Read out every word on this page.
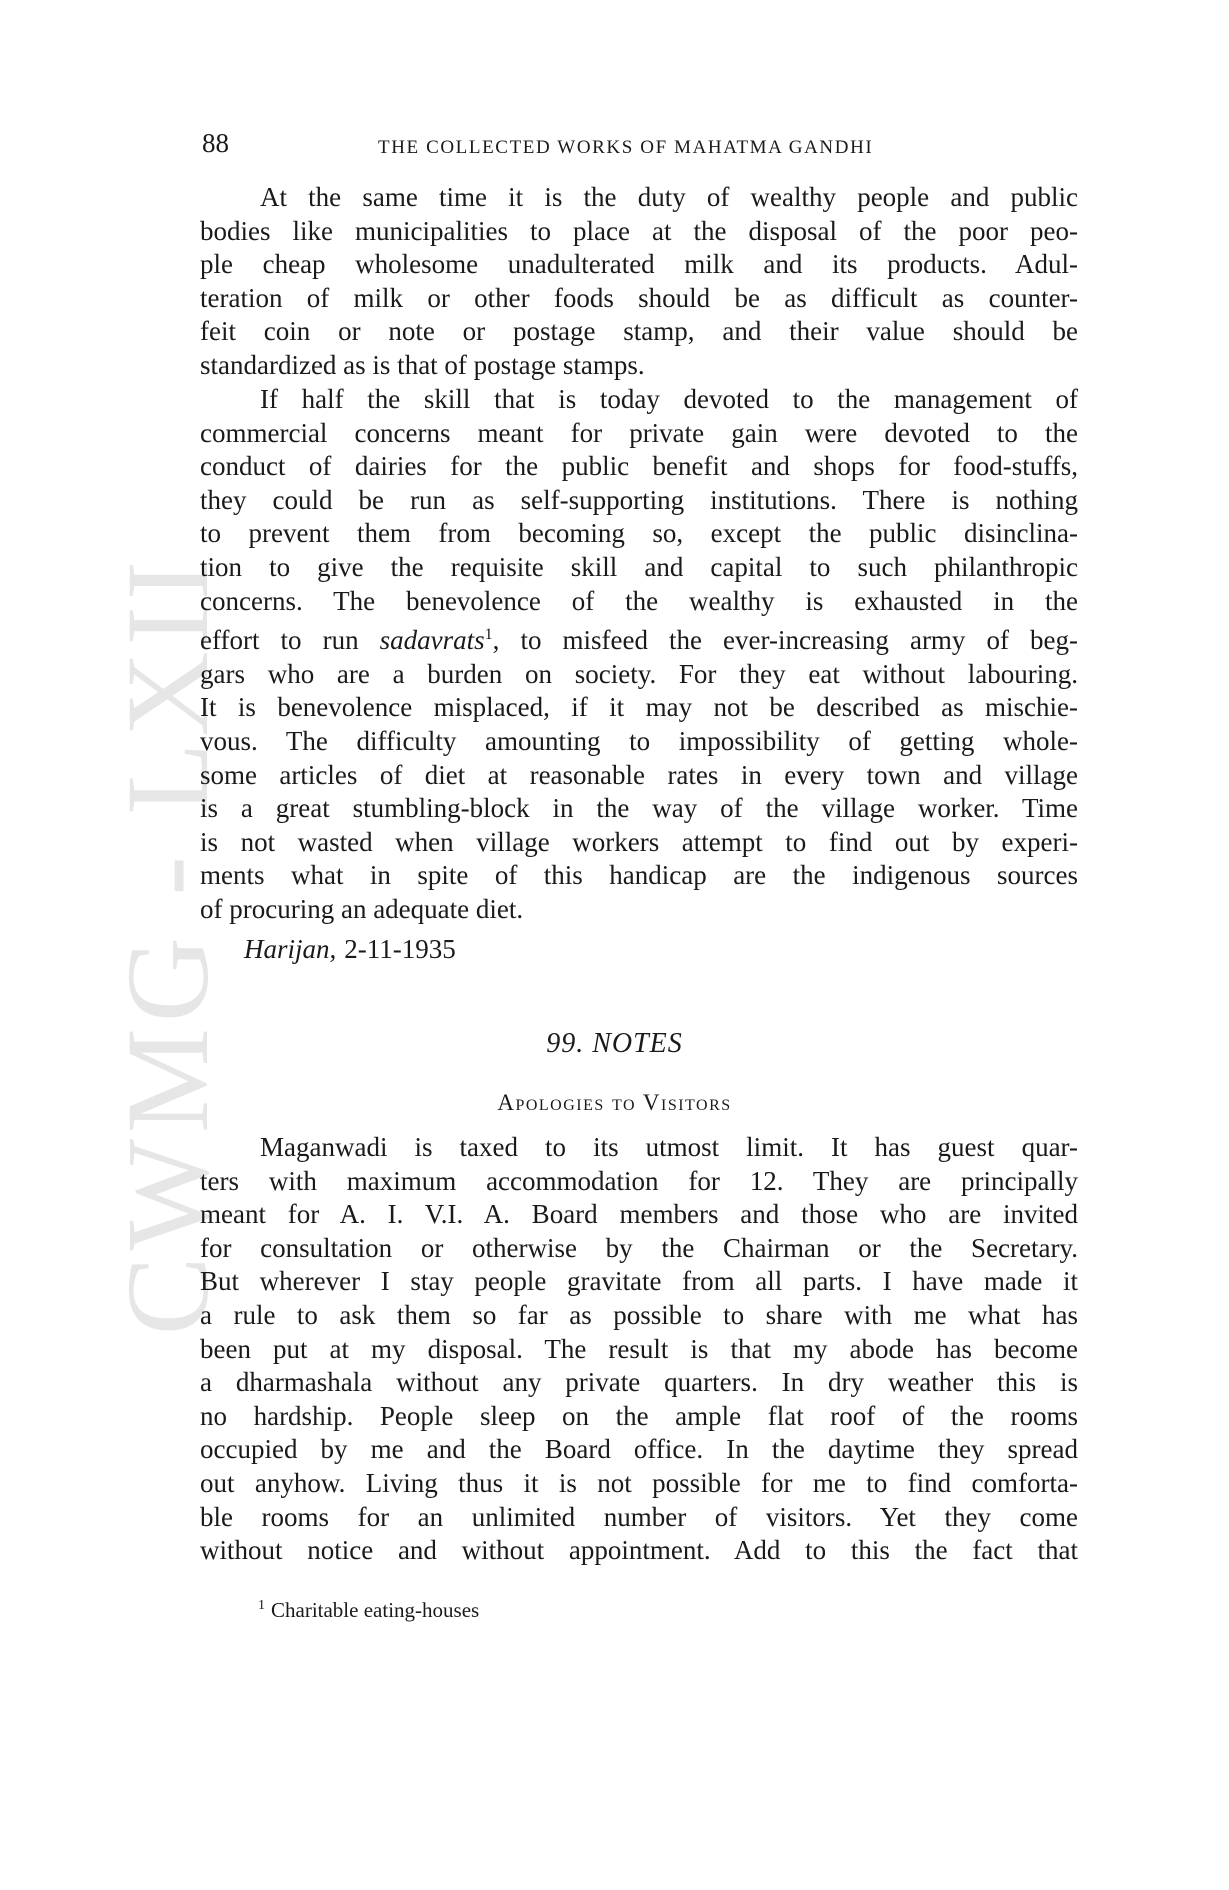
CWMG - LXII
88	THE COLLECTED WORKS OF MAHATMA GANDHI
At the same time it is the duty of wealthy people and public
bodies like municipalities to place at the disposal of the poor peo-
ple cheap wholesome unadulterated milk and its products. Adul-
teration of milk or other foods should be as difficult as counter-
feit coin or note or postage stamp, and their value should be
standardized as is that of postage stamps.
If half the skill that is today devoted to the management of
commercial concerns meant for private gain were devoted to the
conduct of dairies for the public benefit and shops for food-stuffs,
they could be run as self-supporting institutions. There is nothing
to prevent them from becoming so, except the public disinclina-
tion to give the requisite skill and capital to such philanthropic
concerns. The benevolence of the wealthy is exhausted in the
effort to run sadavrats$^1$, to misfeed the ever-increasing army of beg-
gars who are a burden on society. For they eat without labouring.
It is benevolence misplaced, if it may not be described as mischie-
vous. The difficulty amounting to impossibility of getting whole-
some articles of diet at reasonable rates in every town and village
is a great stumbling-block in the way of the village worker. Time
is not wasted when village workers attempt to find out by experi-
ments what in spite of this handicap are the indigenous sources
of procuring an adequate diet.
Harijan, 2-11-1935
99. NOTES
Apologies to Visitors
Maganwadi is taxed to its utmost limit. It has guest quar-
ters with maximum accommodation for 12. They are principally
meant for A. I. V.I. A. Board members and those who are invited
for consultation or otherwise by the Chairman or the Secretary.
But wherever I stay people gravitate from all parts. I have made it
a rule to ask them so far as possible to share with me what has
been put at my disposal. The result is that my abode has become
a dharmashala without any private quarters. In dry weather this is
no hardship. People sleep on the ample flat roof of the rooms
occupied by me and the Board office. In the daytime they spread
out anyhow. Living thus it is not possible for me to find comforta-
ble rooms for an unlimited number of visitors. Yet they come
without notice and without appointment. Add to this the fact that
$^1$ Charitable eating-houses
